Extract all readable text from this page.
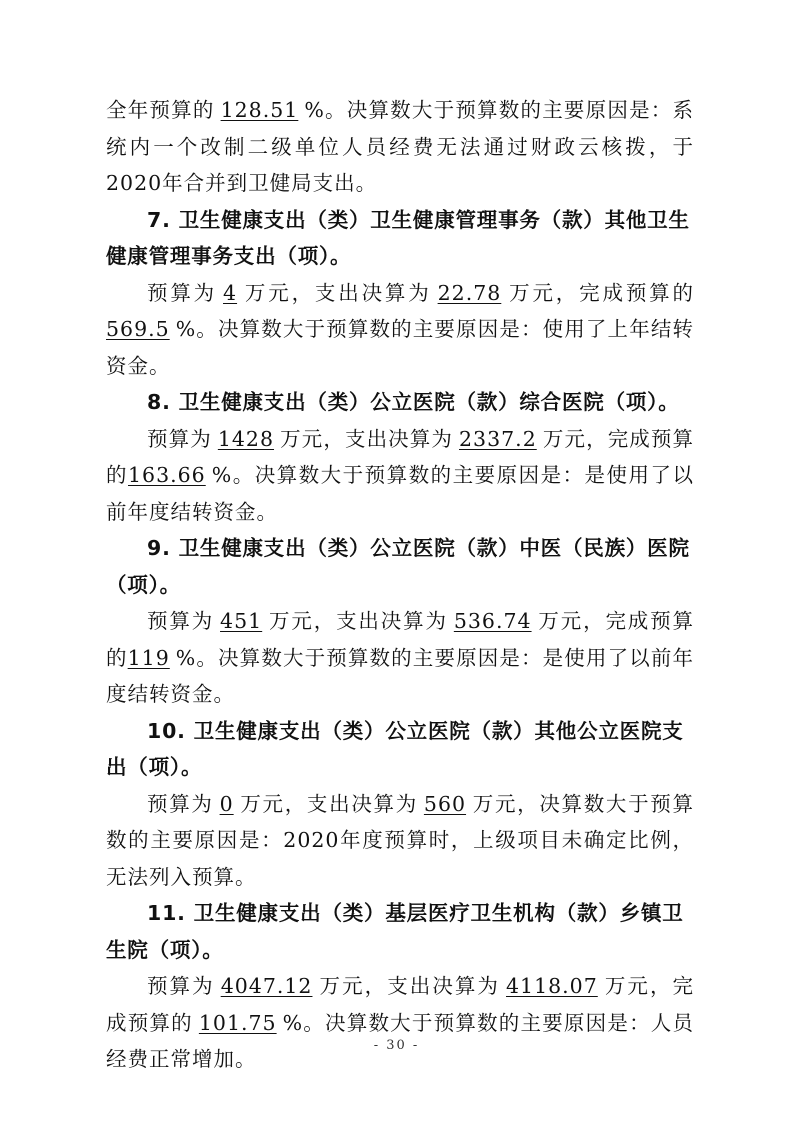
全年预算的 128.51 %。决算数大于预算数的主要原因是：系统内一个改制二级单位人员经费无法通过财政云核拨，于2020年合并到卫健局支出。

7. 卫生健康支出（类）卫生健康管理事务（款）其他卫生健康管理事务支出（项）。

预算为 4 万元，支出决算为 22.78 万元，完成预算的569.5 %。决算数大于预算数的主要原因是：使用了上年结转资金。

8. 卫生健康支出（类）公立医院（款）综合医院（项）。

预算为 1428 万元，支出决算为 2337.2 万元，完成预算的163.66 %。决算数大于预算数的主要原因是：是使用了以前年度结转资金。

9. 卫生健康支出（类）公立医院（款）中医（民族）医院（项）。

预算为 451 万元，支出决算为 536.74 万元，完成预算的119 %。决算数大于预算数的主要原因是：是使用了以前年度结转资金。

10. 卫生健康支出（类）公立医院（款）其他公立医院支出（项）。

预算为 0 万元，支出决算为 560 万元，决算数大于预算数的主要原因是：2020年度预算时，上级项目未确定比例，无法列入预算。

11. 卫生健康支出（类）基层医疗卫生机构（款）乡镇卫生院（项）。

预算为 4047.12 万元，支出决算为 4118.07 万元，完成预算的 101.75 %。决算数大于预算数的主要原因是：人员经费正常增加。

- 30 -
